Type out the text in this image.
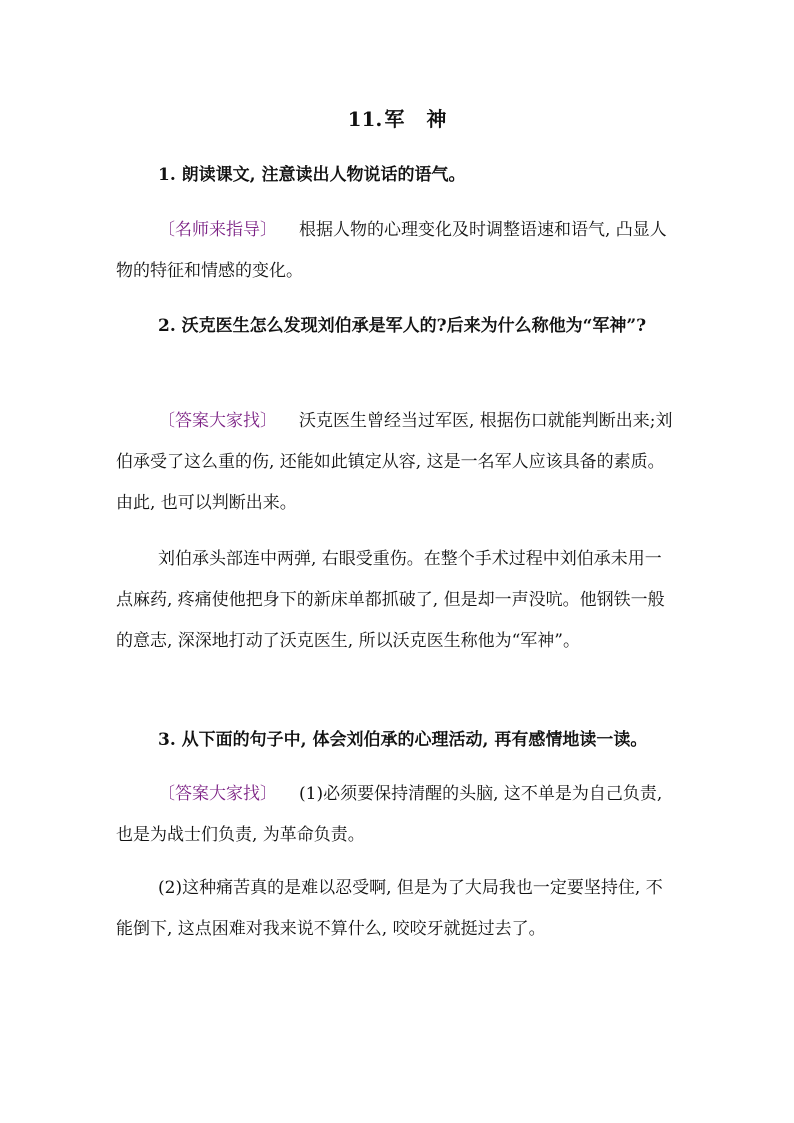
11. 军 神

1. 朗读课文, 注意读出人物说话的语气。

〔名师来指导〕 根据人物的心理变化及时调整语速和语气, 凸显人物的特征和情感的变化。

2. 沃克医生怎么发现刘伯承是军人的?后来为什么称他为“军神”?

〔答案大家找〕 沃克医生曾经当过军医, 根据伤口就能判断出来;刘伯承受了这么重的伤, 还能如此镇定从容, 这是一名军人应该具备的素质。由此, 也可以判断出来。

刘伯承头部连中两弹, 右眼受重伤。在整个手术过程中刘伯承未用一点麻药, 疼痛使他把身下的新床单都抓破了, 但是却一声没吭。他钢铁一般的意志, 深深地打动了沃克医生, 所以沃克医生称他为“军神”。

3. 从下面的句子中, 体会刘伯承的心理活动, 再有感情地读一读。

〔答案大家找〕 (1)必须要保持清醒的头脑, 这不单是为自己负责, 也是为战士们负责, 为革命负责。

(2)这种痛苦真的是难以忍受啊, 但是为了大局我也一定要坚持住, 不能倒下, 这点困难对我来说不算什么, 咬咬牙就挺过去了。
